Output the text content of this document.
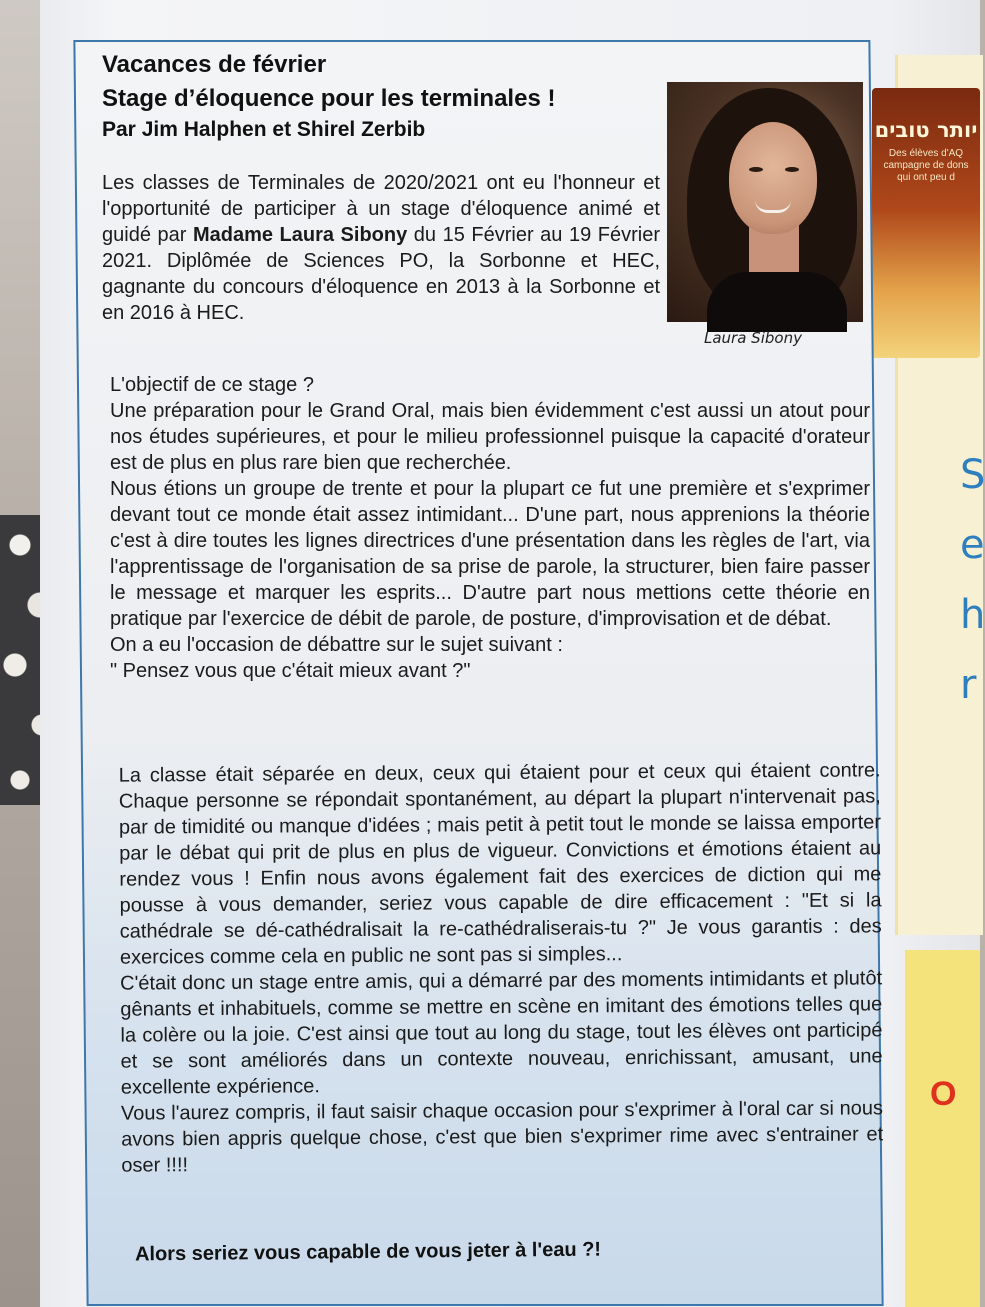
יותר טובים
Des élèves d'AQ campagne de dons qui ont peu d
S e h r
O
Vacances de février
Stage d’éloquence pour les terminales !
Par Jim Halphen et Shirel Zerbib
Laura Sibony
Les classes de Terminales de 2020/2021 ont eu l'honneur et l'opportunité de participer à un stage d'éloquence animé et guidé par Madame Laura Sibony du 15 Février au 19 Février 2021. Diplômée de Sciences PO, la Sorbonne et HEC, gagnante du concours d'éloquence en 2013 à la Sorbonne et en 2016 à HEC.

L'objectif de ce stage ?

Une préparation pour le Grand Oral, mais bien évidemment c'est aussi un atout pour nos études supérieures, et pour le milieu professionnel puisque la capacité d'orateur est de plus en plus rare bien que recherchée.

Nous étions un groupe de trente et pour la plupart ce fut une première et s'exprimer devant tout ce monde était assez intimidant... D'une part, nous apprenions la théorie c'est à dire toutes les lignes directrices d'une présentation dans les règles de l'art, via l'apprentissage de l'organisation de sa prise de parole, la structurer, bien faire passer le message et marquer les esprits... D'autre part nous mettions cette théorie en pratique par l'exercice de débit de parole, de posture, d'improvisation et de débat.

On a eu l'occasion de débattre sur le sujet suivant :

" Pensez vous que c'était mieux avant ?"

La classe était séparée en deux, ceux qui étaient pour et ceux qui étaient contre. Chaque personne se répondait spontanément, au départ la plupart n'intervenait pas, par de timidité ou manque d'idées ; mais petit à petit tout le monde se laissa emporter par le débat qui prit de plus en plus de vigueur. Convictions et émotions étaient au rendez vous ! Enfin nous avons également fait des exercices de diction qui me pousse à vous demander, seriez vous capable de dire efficacement : "Et si la cathédrale se dé-cathédralisait la re-cathédraliserais-tu ?" Je vous garantis : des exercices comme cela en public ne sont pas si simples...

C'était donc un stage entre amis, qui a démarré par des moments intimidants et plutôt gênants et inhabituels, comme se mettre en scène en imitant des émotions telles que la colère ou la joie. C'est ainsi que tout au long du stage, tout les élèves ont participé et se sont améliorés dans un contexte nouveau, enrichissant, amusant, une excellente expérience.

Vous l'aurez compris, il faut saisir chaque occasion pour s'exprimer à l'oral car si nous avons bien appris quelque chose, c'est que bien s'exprimer rime avec s'entrainer et oser !!!!

Alors seriez vous capable de vous jeter à l'eau ?!
